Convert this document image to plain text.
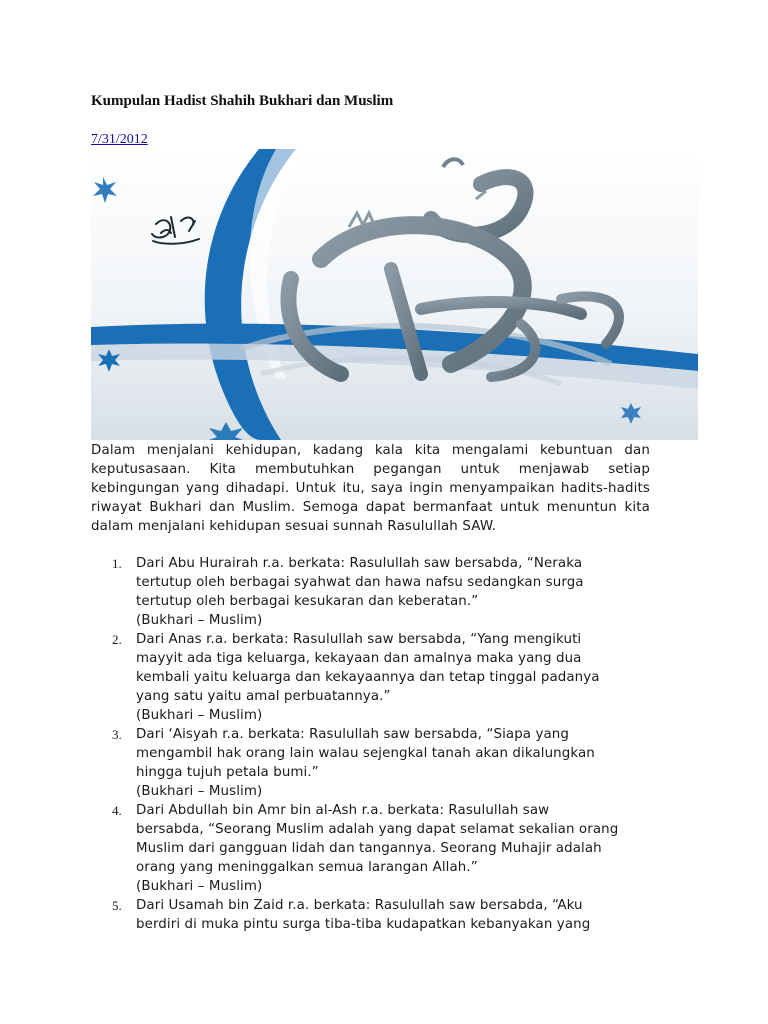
Kumpulan Hadist Shahih Bukhari dan Muslim
7/31/2012

Dalam menjalani kehidupan, kadang kala kita mengalami kebuntuan dan keputusasaan. Kita membutuhkan pegangan untuk menjawab setiap kebingungan yang dihadapi. Untuk itu, saya ingin menyampaikan hadits-hadits riwayat Bukhari dan Muslim. Semoga dapat bermanfaat untuk menuntun kita dalam menjalani kehidupan sesuai sunnah Rasulullah SAW.

1. Dari Abu Hurairah r.a. berkata: Rasulullah saw bersabda, “Neraka
tertutup oleh berbagai syahwat dan hawa nafsu sedangkan surga
tertutup oleh berbagai kesukaran dan keberatan.”
(Bukhari – Muslim)
2. Dari Anas r.a. berkata: Rasulullah saw bersabda, “Yang mengikuti
mayyit ada tiga keluarga, kekayaan dan amalnya maka yang dua
kembali yaitu keluarga dan kekayaannya dan tetap tinggal padanya
yang satu yaitu amal perbuatannya.”
(Bukhari – Muslim)
3. Dari ‘Aisyah r.a. berkata: Rasulullah saw bersabda, “Siapa yang
mengambil hak orang lain walau sejengkal tanah akan dikalungkan
hingga tujuh petala bumi.”
(Bukhari – Muslim)
4. Dari Abdullah bin Amr bin al-Ash r.a. berkata: Rasulullah saw
bersabda, “Seorang Muslim adalah yang dapat selamat sekalian orang
Muslim dari gangguan lidah dan tangannya. Seorang Muhajir adalah
orang yang meninggalkan semua larangan Allah.”
(Bukhari – Muslim)
5. Dari Usamah bin Zaid r.a. berkata: Rasulullah saw bersabda, “Aku
berdiri di muka pintu surga tiba-tiba kudapatkan kebanyakan yang
